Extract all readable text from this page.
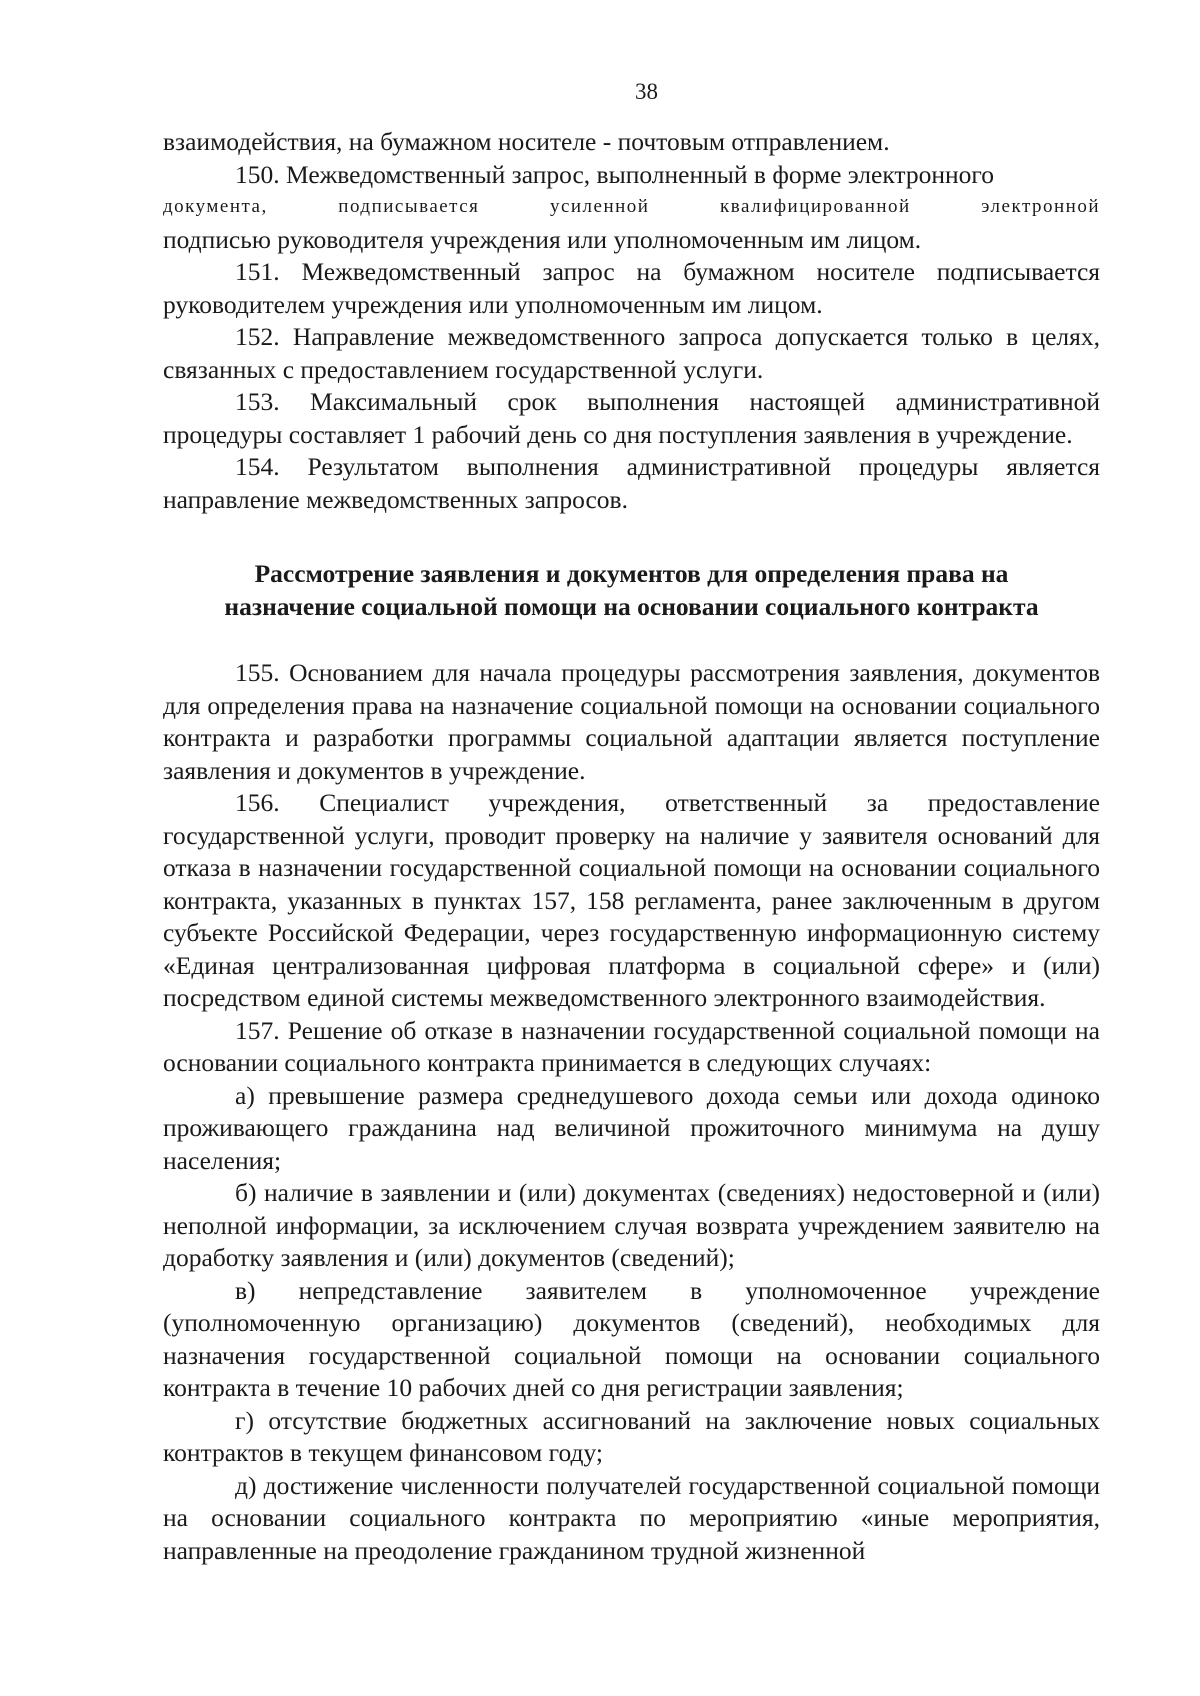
38

взаимодействия, на бумажном носителе - почтовым отправлением.

150. Межведомственный запрос, выполненный в форме электронного

документа, подписывается усиленной квалифицированной электронной

подписью руководителя учреждения или уполномоченным им лицом.

151. Межведомственный запрос на бумажном носителе подписывается руководителем учреждения или уполномоченным им лицом.

152. Направление межведомственного запроса допускается только в целях, связанных с предоставлением государственной услуги.

153. Максимальный срок выполнения настоящей административной процедуры составляет 1 рабочий день со дня поступления заявления в учреждение.

154. Результатом выполнения административной процедуры является направление межведомственных запросов.

Рассмотрение заявления и документов для определения права на
назначение социальной помощи на основании социального контракта

155. Основанием для начала процедуры рассмотрения заявления, документов для определения права на назначение социальной помощи на основании социального контракта и разработки программы социальной адаптации является поступление заявления и документов в учреждение.

156. Специалист учреждения, ответственный за предоставление государственной услуги, проводит проверку на наличие у заявителя оснований для отказа в назначении государственной социальной помощи на основании социального контракта, указанных в пунктах 157, 158 регламента, ранее заключенным в другом субъекте Российской Федерации, через государственную информационную систему «Единая централизованная цифровая платформа в социальной сфере» и (или) посредством единой системы межведомственного электронного взаимодействия.

157. Решение об отказе в назначении государственной социальной помощи на основании социального контракта принимается в следующих случаях:

а) превышение размера среднедушевого дохода семьи или дохода одиноко проживающего гражданина над величиной прожиточного минимума на душу населения;

б) наличие в заявлении и (или) документах (сведениях) недостоверной и (или) неполной информации, за исключением случая возврата учреждением заявителю на доработку заявления и (или) документов (сведений);

в) непредставление заявителем в уполномоченное учреждение (уполномоченную организацию) документов (сведений), необходимых для назначения государственной социальной помощи на основании социального контракта в течение 10 рабочих дней со дня регистрации заявления;

г) отсутствие бюджетных ассигнований на заключение новых социальных контрактов в текущем финансовом году;

д) достижение численности получателей государственной социальной помощи на основании социального контракта по мероприятию «иные мероприятия, направленные на преодоление гражданином трудной жизненной
